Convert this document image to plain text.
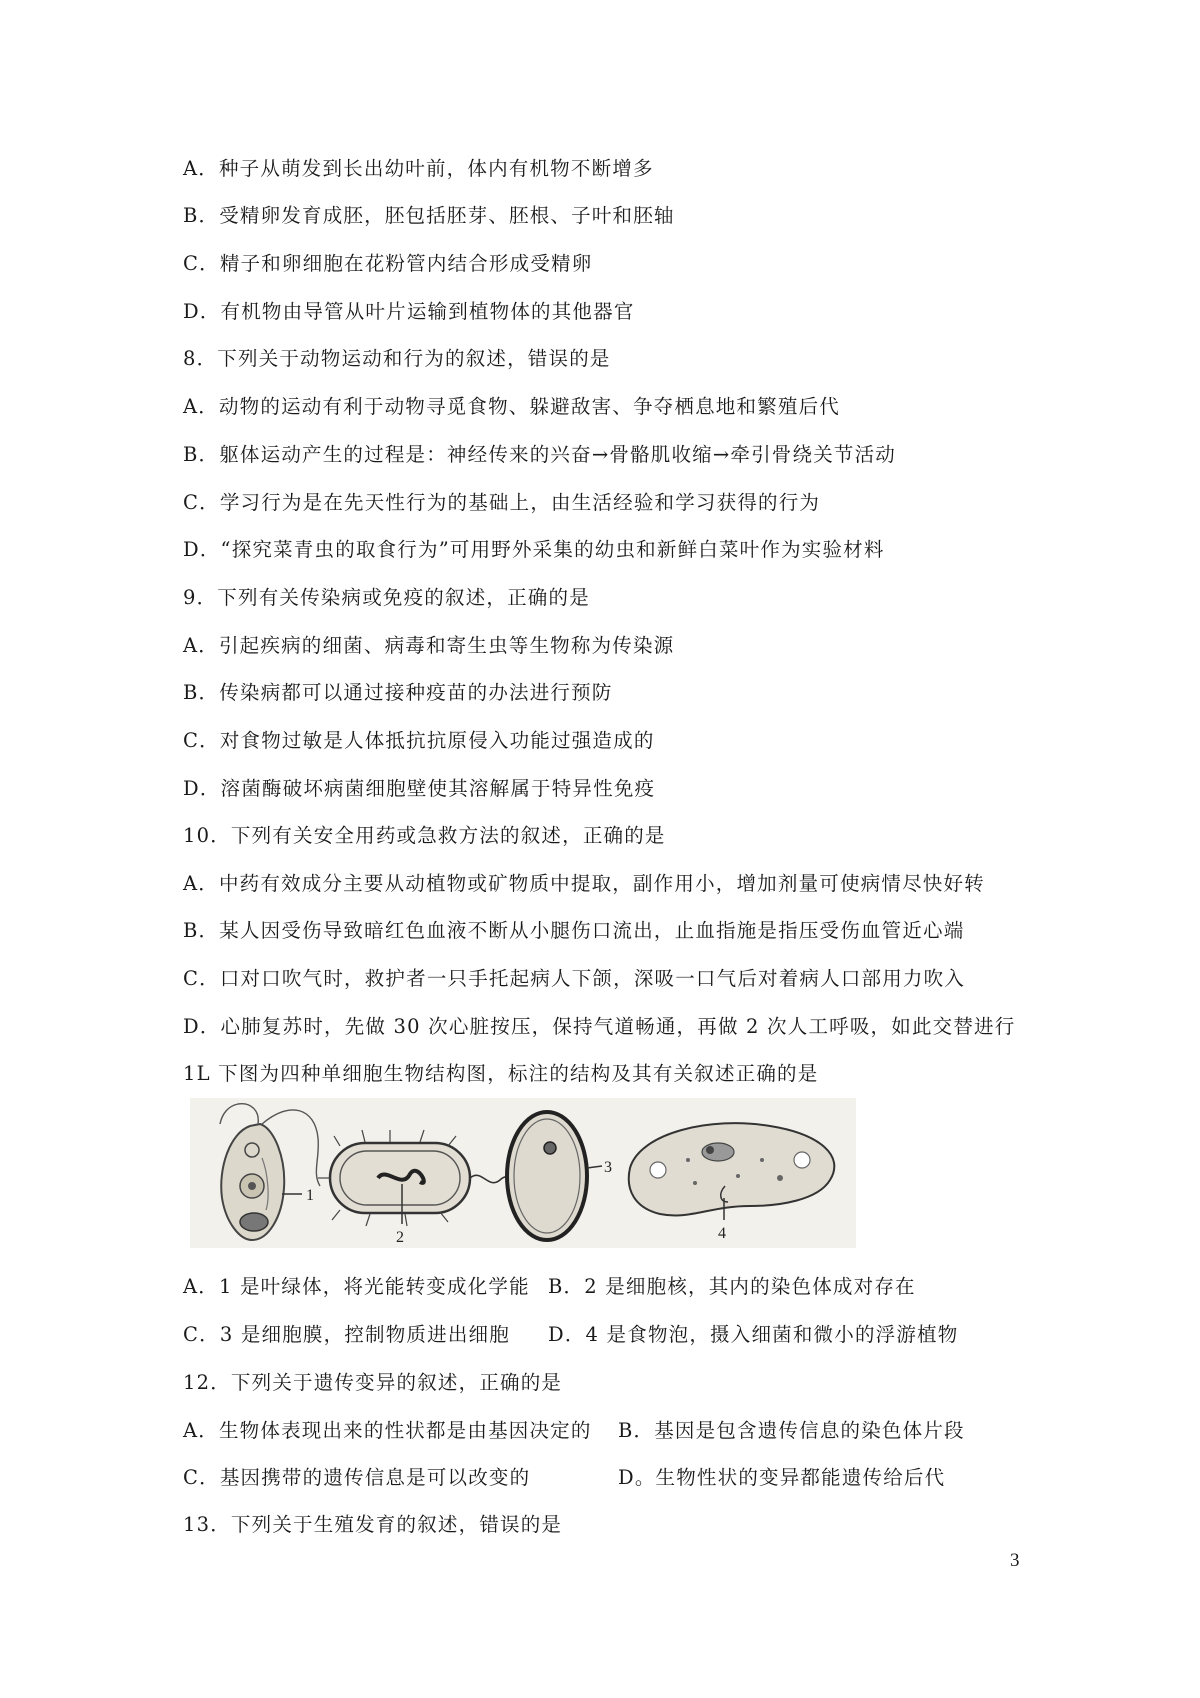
A．种子从萌发到长出幼叶前，体内有机物不断增多
B．受精卵发育成胚，胚包括胚芽、胚根、子叶和胚轴
C．精子和卵细胞在花粉管内结合形成受精卵
D．有机物由导管从叶片运输到植物体的其他器官
8．下列关于动物运动和行为的叙述，错误的是
A．动物的运动有利于动物寻觅食物、躲避敌害、争夺栖息地和繁殖后代
B．躯体运动产生的过程是：神经传来的兴奋→骨骼肌收缩→牵引骨绕关节活动
C．学习行为是在先天性行为的基础上，由生活经验和学习获得的行为
D．“探究菜青虫的取食行为”可用野外采集的幼虫和新鲜白菜叶作为实验材料
9．下列有关传染病或免疫的叙述，正确的是
A．引起疾病的细菌、病毒和寄生虫等生物称为传染源
B．传染病都可以通过接种疫苗的办法进行预防
C．对食物过敏是人体抵抗抗原侵入功能过强造成的
D．溶菌酶破坏病菌细胞壁使其溶解属于特异性免疫
10．下列有关安全用药或急救方法的叙述，正确的是
A．中药有效成分主要从动植物或矿物质中提取，副作用小，增加剂量可使病情尽快好转
B．某人因受伤导致暗红色血液不断从小腿伤口流出，止血指施是指压受伤血管近心端
C．口对口吹气时，救护者一只手托起病人下颌，深吸一口气后对着病人口部用力吹入
D．心肺复苏时，先做 30 次心脏按压，保持气道畅通，再做 2 次人工呼吸，如此交替进行
1L 下图为四种单细胞生物结构图，标注的结构及其有关叙述正确的是
1
2
3
4
A．1 是叶绿体，将光能转变成化学能 B．2 是细胞核，其内的染色体成对存在
C．3 是细胞膜，控制物质进出细胞 D．4 是食物泡，摄入细菌和微小的浮游植物
12．下列关于遗传变异的叙述，正确的是
A．生物体表现出来的性状都是由基因决定的 B．基因是包含遗传信息的染色体片段
C．基因携带的遗传信息是可以改变的	D。生物性状的变异都能遗传给后代
13．下列关于生殖发育的叙述，错误的是
3
